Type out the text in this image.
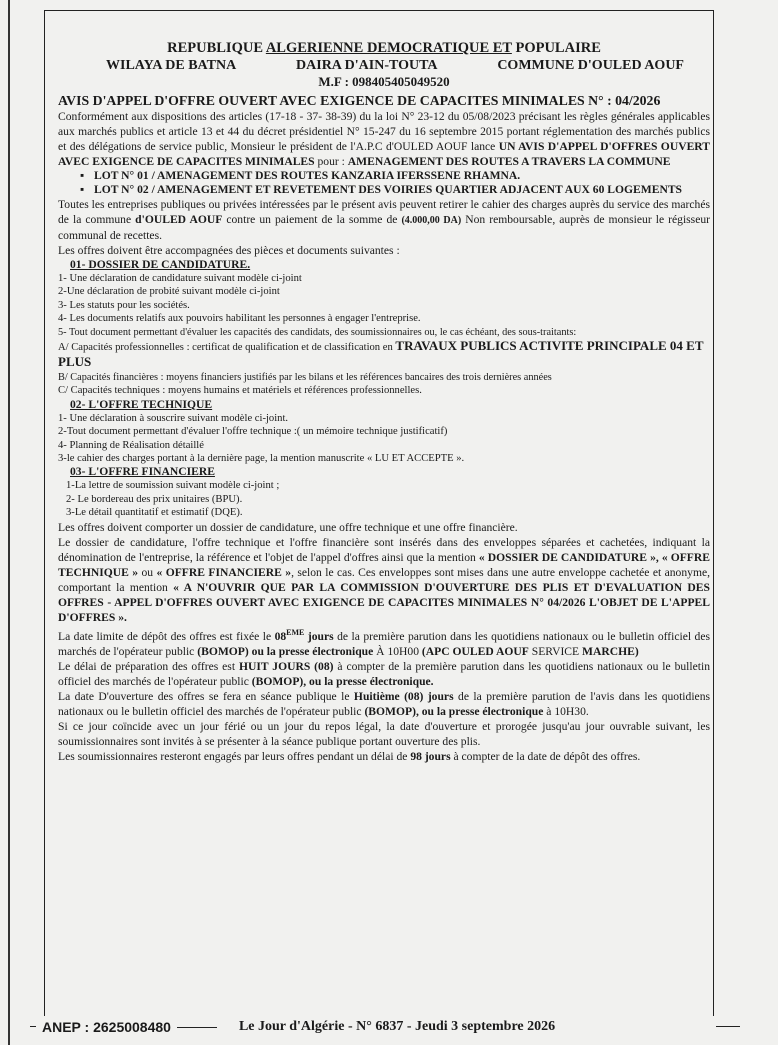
REPUBLIQUE ALGERIENNE DEMOCRATIQUE ET POPULAIRE
WILAYA DE BATNA	DAIRA D'AIN-TOUTA	COMMUNE D'OULED AOUF
M.F : 098405405049520
AVIS D'APPEL D'OFFRE OUVERT AVEC EXIGENCE DE CAPACITES MINIMALES N° : 04/2026
Conformément aux dispositions des articles (17-18 - 37- 38-39) du la loi N° 23-12 du 05/08/2023 précisant les règles générales applicables aux marchés publics et article 13 et 44 du décret présidentiel N° 15-247 du 16 septembre 2015 portant réglementation des marchés publics et des délégations de service public, Monsieur le président de l'A.P.C d'OULED AOUF lance UN AVIS D'APPEL D'OFFRES OUVERT AVEC EXIGENCE DE CAPACITES MINIMALES pour : AMENAGEMENT DES ROUTES A TRAVERS LA COMMUNE
▪ LOT N° 01 / AMENAGEMENT DES ROUTES KANZARIA IFERSSENE RHAMNA.
▪ LOT N° 02 / AMENAGEMENT ET REVETEMENT DES VOIRIES QUARTIER ADJACENT AUX 60 LOGEMENTS
Toutes les entreprises publiques ou privées intéressées par le présent avis peuvent retirer le cahier des charges auprès du service des marchés de la commune d'OULED AOUF contre un paiement de la somme de (4.000,00 DA) Non remboursable, auprès de monsieur le régisseur communal de recettes.
Les offres doivent être accompagnées des pièces et documents suivantes :
01- DOSSIER DE CANDIDATURE.
1- Une déclaration de candidature suivant modèle ci-joint
2-Une déclaration de probité suivant modèle ci-joint
3- Les statuts pour les sociétés.
4- Les documents relatifs aux pouvoirs habilitant les personnes à engager l'entreprise.
5- Tout document permettant d'évaluer les capacités des candidats, des soumissionnaires ou, le cas échéant, des sous-traitants:
A/ Capacités professionnelles : certificat de qualification et de classification en TRAVAUX PUBLICS ACTIVITE PRINCIPALE 04 ET PLUS
B/ Capacités financières : moyens financiers justifiés par les bilans et les références bancaires des trois dernières années
C/ Capacités techniques : moyens humains et matériels et références professionnelles.
02- L'OFFRE TECHNIQUE
1- Une déclaration à souscrire suivant modèle ci-joint.
2-Tout document permettant d'évaluer l'offre technique :( un mémoire technique justificatif)
4- Planning de Réalisation détaillé
3-le cahier des charges portant à la dernière page, la mention manuscrite « LU ET ACCEPTE ».
03- L'OFFRE FINANCIERE
1-La lettre de soumission suivant modèle ci-joint ;
2- Le bordereau des prix unitaires (BPU).
3-Le détail quantitatif et estimatif (DQE).
Les offres doivent comporter un dossier de candidature, une offre technique et une offre financière.
Le dossier de candidature, l'offre technique et l'offre financière sont insérés dans des enveloppes séparées et cachetées, indiquant la dénomination de l'entreprise, la référence et l'objet de l'appel d'offres ainsi que la mention « DOSSIER DE CANDIDATURE », « OFFRE TECHNIQUE » ou « OFFRE FINANCIERE », selon le cas. Ces enveloppes sont mises dans une autre enveloppe cachetée et anonyme, comportant la mention « A N'OUVRIR QUE PAR LA COMMISSION D'OUVERTURE DES PLIS ET D'EVALUATION DES OFFRES - APPEL D'OFFRES OUVERT AVEC EXIGENCE DE CAPACITES MINIMALES N° 04/2026 L'OBJET DE L'APPEL D'OFFRES ».
La date limite de dépôt des offres est fixée le 08EME jours de la première parution dans les quotidiens nationaux ou le bulletin officiel des marchés de l'opérateur public (BOMOP) ou la presse électronique À 10H00 (APC OULED AOUF SERVICE MARCHE)
Le délai de préparation des offres est HUIT JOURS (08) à compter de la première parution dans les quotidiens nationaux ou le bulletin officiel des marchés de l'opérateur public (BOMOP), ou la presse électronique.
La date D'ouverture des offres se fera en séance publique le Huitième (08) jours de la première parution de l'avis dans les quotidiens nationaux ou le bulletin officiel des marchés de l'opérateur public (BOMOP), ou la presse électronique à 10H30.
Si ce jour coïncide avec un jour férié ou un jour du repos légal, la date d'ouverture et prorogée jusqu'au jour ouvrable suivant, les soumissionnaires sont invités à se présenter à la séance publique portant ouverture des plis.
Les soumissionnaires resteront engagés par leurs offres pendant un délai de 98 jours à compter de la date de dépôt des offres.
ANEP : 2625008480	Le Jour d'Algérie - N° 6837 - Jeudi 3 septembre 2026
